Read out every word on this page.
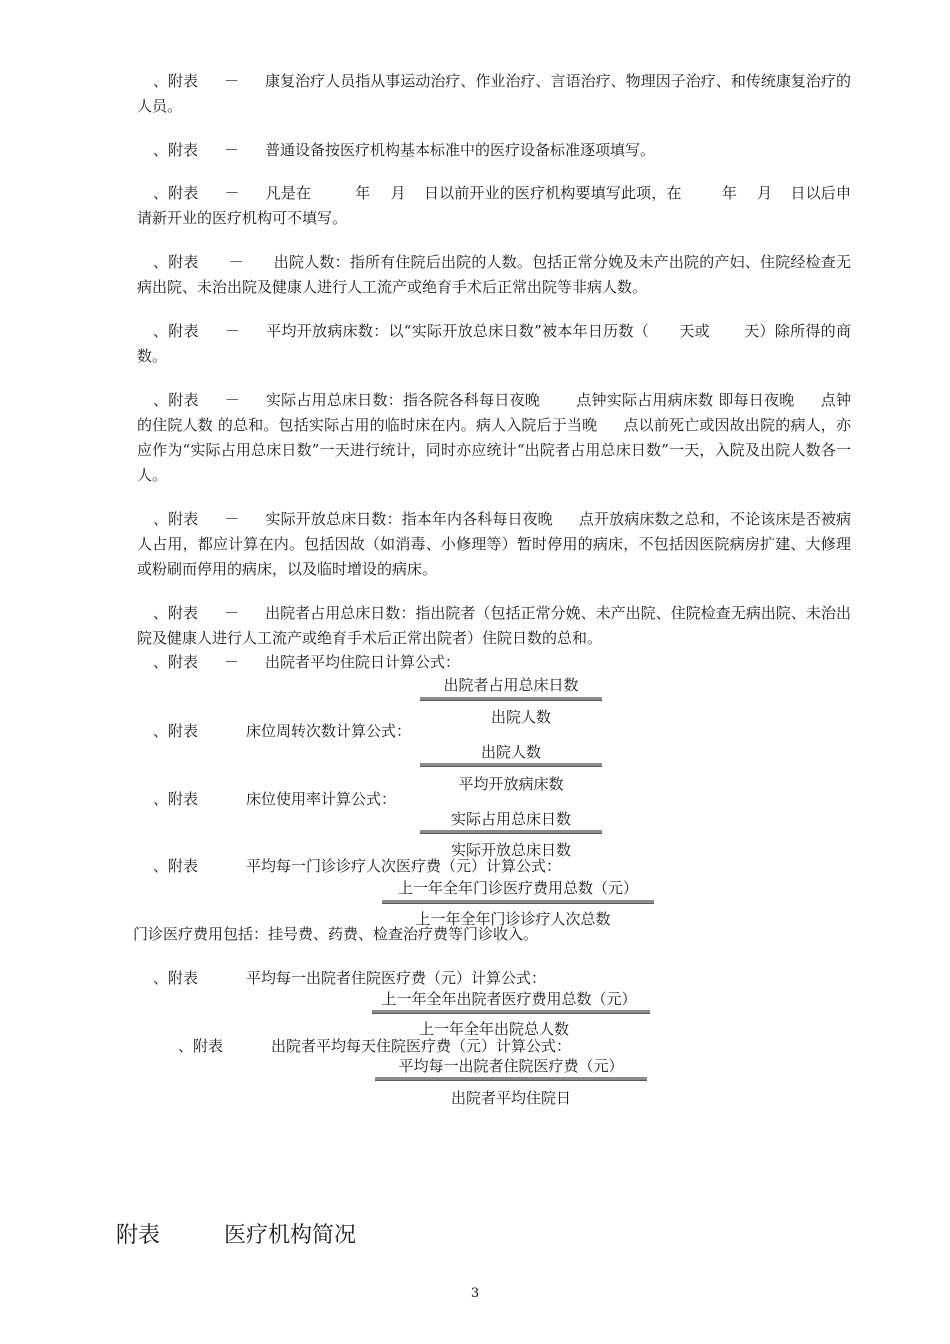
、附表 － 康复治疗人员指从事运动治疗、作业治疗、言语治疗、物理因子治疗、和传统康复治疗的人员。
、附表 － 普通设备按医疗机构基本标准中的医疗设备标准逐项填写。
、附表 － 凡是在	年 月 日以前开业的医疗机构要填写此项，在	年 月 日以后申请新开业的医疗机构可不填写。
、附表 － 出院人数：指所有住院后出院的人数。包括正常分娩及未产出院的产妇、住院经检查无病出院、未治出院及健康人进行人工流产或绝育手术后正常出院等非病人数。
、附表 － 平均开放病床数：以“实际开放总床日数”被本年日历数（ 天或 天）除所得的商数。
、附表 － 实际占用总床日数：指各院各科每日夜晚 点钟实际占用病床数 即每日夜晚 点钟的住院人数 的总和。包括实际占用的临时床在内。病人入院后于当晚 点以前死亡或因故出院的病人，亦应作为“实际占用总床日数”一天进行统计，同时亦应统计“出院者占用总床日数”一天，入院及出院人数各一人。
、附表 － 实际开放总床日数：指本年内各科每日夜晚 点开放病床数之总和，不论该床是否被病人占用，都应计算在内。包括因故（如消毒、小修理等）暂时停用的病床，不包括因医院病房扩建、大修理或粉刷而停用的病床，以及临时增设的病床。
、附表 － 出院者占用总床日数：指出院者（包括正常分娩、未产出院、住院检查无病出院、未治出院及健康人进行人工流产或绝育手术后正常出院者）住院日数的总和。
、附表 － 出院者平均住院日计算公式：
出院者占用总床日数
出院人数
、附表	床位周转次数计算公式：
出院人数
平均开放病床数
、附表	床位使用率计算公式：
实际占用总床日数
实际开放总床日数
、附表	平均每一门诊诊疗人次医疗费（元）计算公式：
上一年全年门诊医疗费用总数（元）
上一年全年门诊诊疗人次总数
门诊医疗费用包括：挂号费、药费、检查治疗费等门诊收入。
、附表	平均每一出院者住院医疗费（元）计算公式：
上一年全年出院者医疗费用总数（元）
上一年全年出院总人数
、附表	出院者平均每天住院医疗费（元）计算公式：
平均每一出院者住院医疗费（元）
出院者平均住院日
附表	医疗机构简况
3
